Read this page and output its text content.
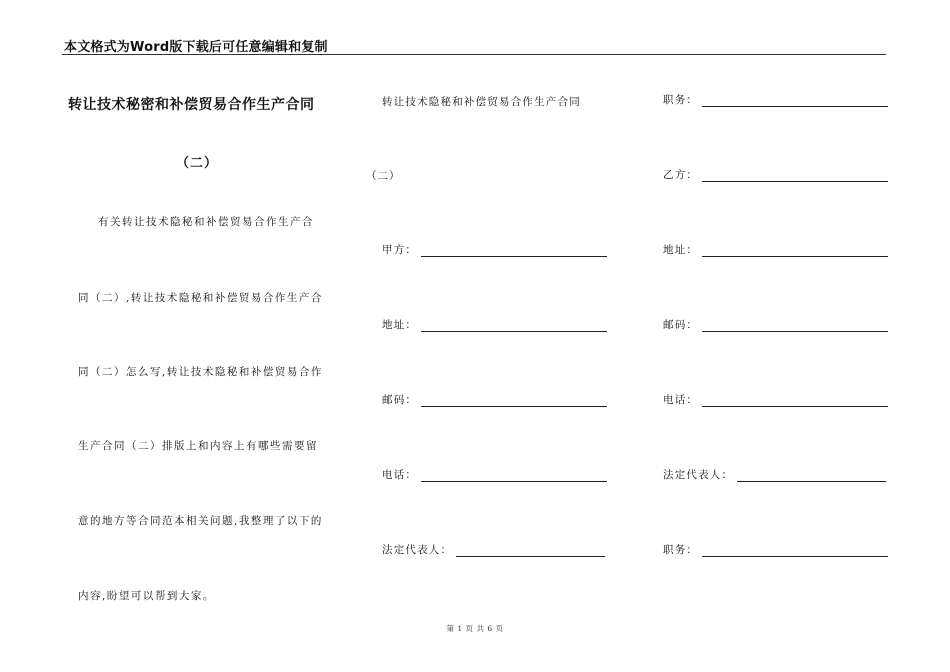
本文格式为Word版下载后可任意编辑和复制
转让技术秘密和补偿贸易合作生产合同
（二）
有关转让技术隐秘和补偿贸易合作生产合
同（二）,转让技术隐秘和补偿贸易合作生产合
同（二）怎么写,转让技术隐秘和补偿贸易合作
生产合同（二）排版上和内容上有哪些需要留
意的地方等合同范本相关问题,我整理了以下的
内容,盼望可以帮到大家。
转让技术隐秘和补偿贸易合作生产合同
（二）
甲方：
地址：
邮码：
电话：
法定代表人：
职务：
乙方：
地址：
邮码：
电话：
法定代表人：
职务：
第 1 页 共 6 页
